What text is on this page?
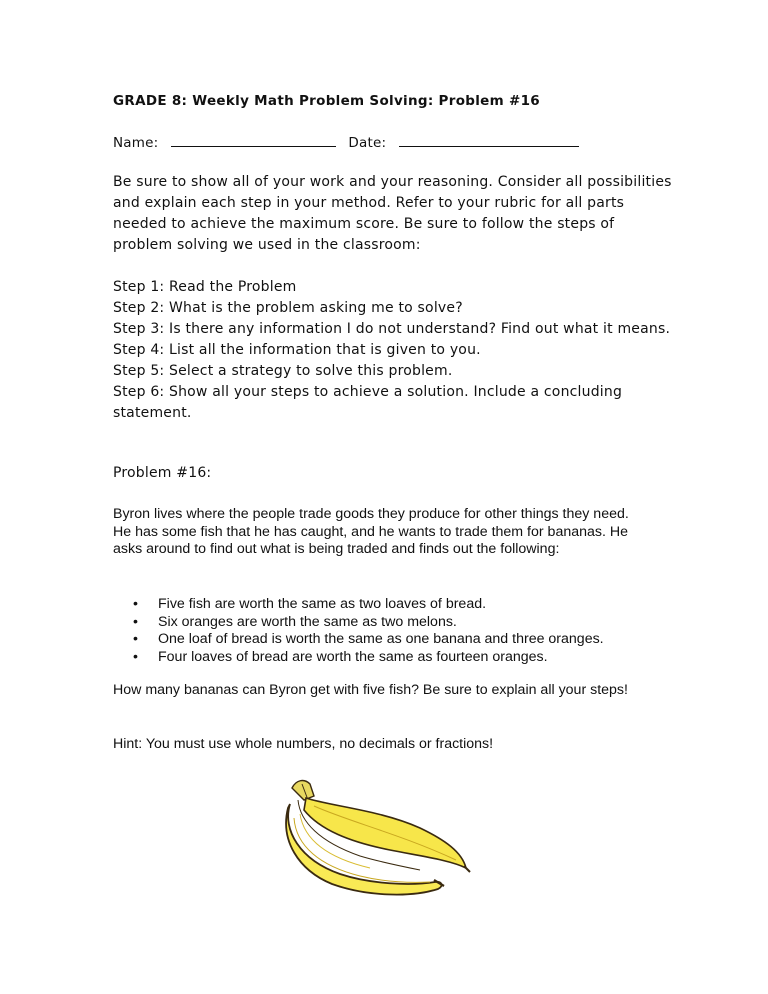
GRADE 8: Weekly Math Problem Solving: Problem #16
Name:	Date:

Be sure to show all of your work and your reasoning. Consider all possibilities and explain each step in your method. Refer to your rubric for all parts needed to achieve the maximum score. Be sure to follow the steps of problem solving we used in the classroom:

Step 1: Read the Problem
Step 2: What is the problem asking me to solve?
Step 3: Is there any information I do not understand? Find out what it means.
Step 4: List all the information that is given to you.
Step 5: Select a strategy to solve this problem.
Step 6: Show all your steps to achieve a solution. Include a concluding statement.
Problem #16:

Byron lives where the people trade goods they produce for other things they need. He has some fish that he has caught, and he wants to trade them for bananas. He asks around to find out what is being traded and finds out the following:

• Five fish are worth the same as two loaves of bread.
• Six oranges are worth the same as two melons.
• One loaf of bread is worth the same as one banana and three oranges.
• Four loaves of bread are worth the same as fourteen oranges.

How many bananas can Byron get with five fish? Be sure to explain all your steps!

Hint: You must use whole numbers, no decimals or fractions!
